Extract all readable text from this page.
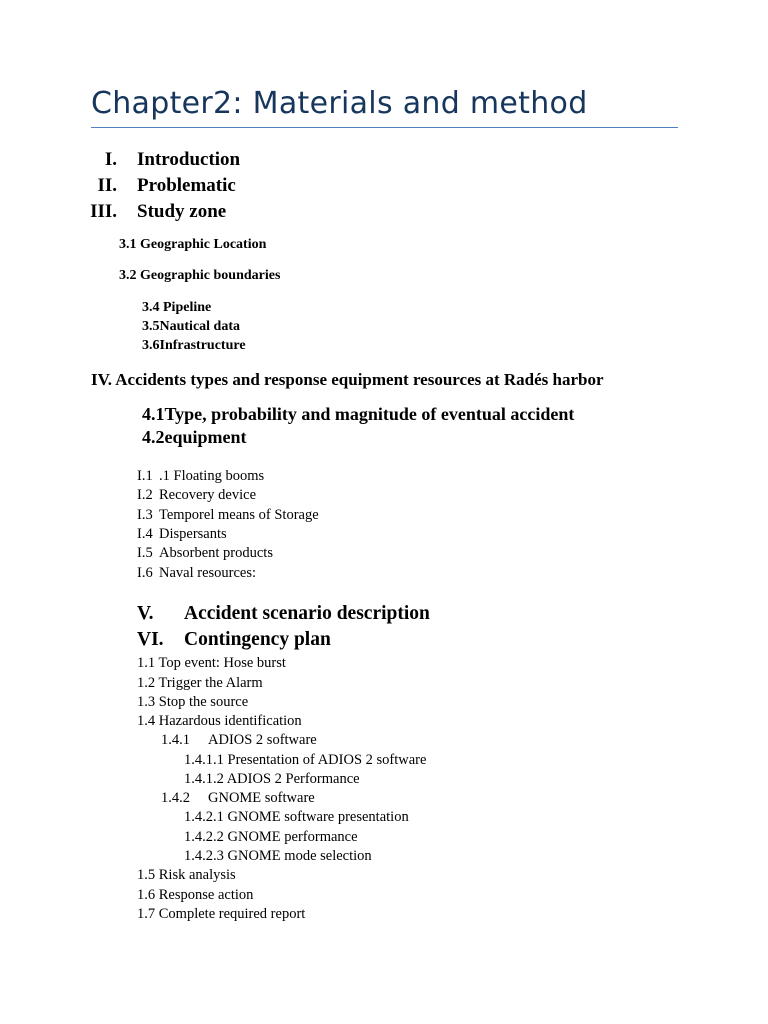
Chapter2: Materials and method
I. Introduction
II. Problematic
III. Study zone
3.1 Geographic Location
3.2 Geographic boundaries
3.4 Pipeline
3.5Nautical data
3.6Infrastructure
IV. Accidents types and response equipment resources at Radés harbor
4.1Type, probability and magnitude of eventual accident
4.2equipment
I.1 .1 Floating booms
I.2 Recovery device
I.3 Temporel means of Storage
I.4 Dispersants
I.5 Absorbent products
I.6 Naval resources:
V. Accident scenario description
VI. Contingency plan
1.1 Top event: Hose burst
1.2 Trigger the Alarm
1.3 Stop the source
1.4 Hazardous identification
1.4.1 ADIOS 2 software
1.4.1.1 Presentation of ADIOS 2 software
1.4.1.2 ADIOS 2 Performance
1.4.2 GNOME software
1.4.2.1 GNOME software presentation
1.4.2.2 GNOME performance
1.4.2.3 GNOME mode selection
1.5 Risk analysis
1.6 Response action
1.7 Complete required report
